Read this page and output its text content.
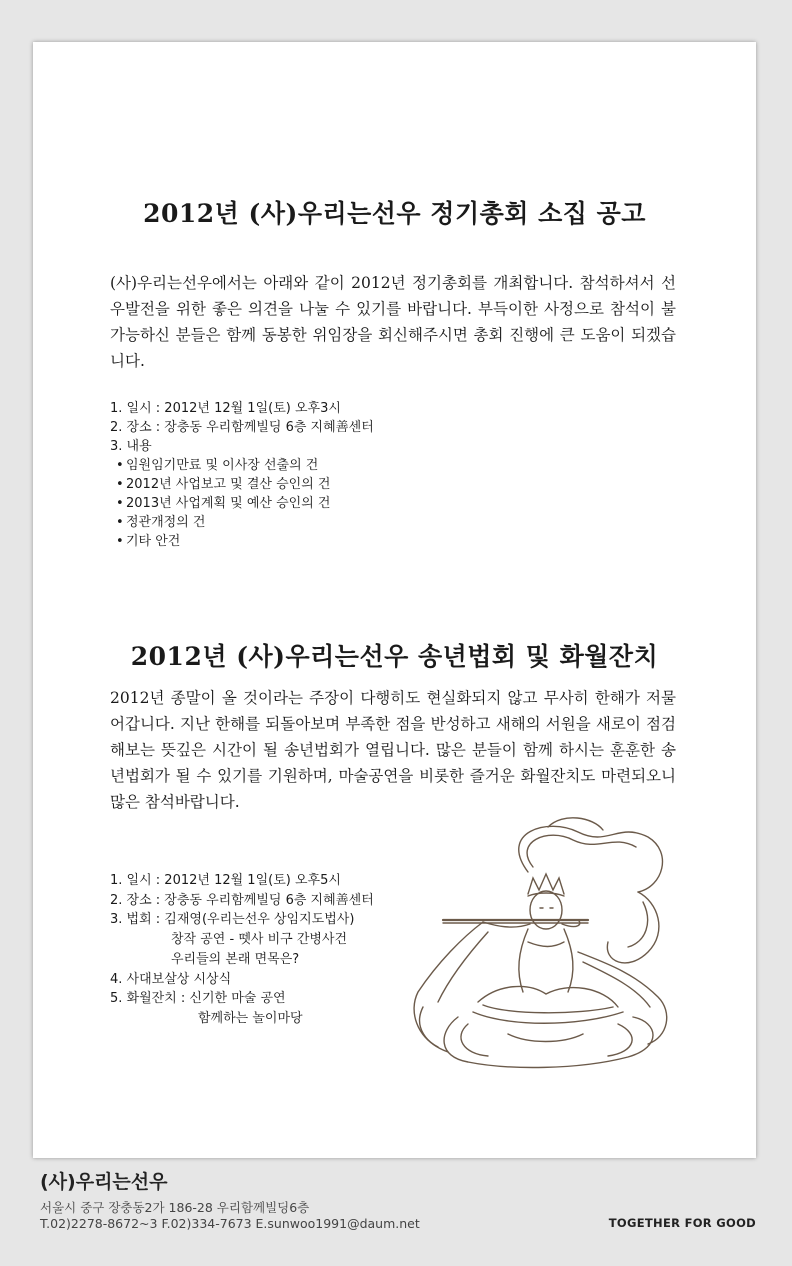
2012년 (사)우리는선우 정기총회 소집 공고

(사)우리는선우에서는 아래와 같이 2012년 정기총회를 개최합니다. 참석하셔서 선우발전을 위한 좋은 의견을 나눌 수 있기를 바랍니다. 부득이한 사정으로 참석이 불가능하신 분들은 함께 동봉한 위임장을 회신해주시면 총회 진행에 큰 도움이 되겠습니다.

1. 일시 : 2012년 12월 1일(토) 오후3시
2. 장소 : 장충동 우리함께빌딩 6층 지혜善센터
3. 내용
• 임원임기만료 및 이사장 선출의 건
• 2012년 사업보고 및 결산 승인의 건
• 2013년 사업계획 및 예산 승인의 건
• 정관개정의 건
• 기타 안건
2012년 (사)우리는선우 송년법회 및 화월잔치

2012년 종말이 올 것이라는 주장이 다행히도 현실화되지 않고 무사히 한해가 저물어갑니다. 지난 한해를 되돌아보며 부족한 점을 반성하고 새해의 서원을 새로이 점검해보는 뜻깊은 시간이 될 송년법회가 열립니다. 많은 분들이 함께 하시는 훈훈한 송년법회가 될 수 있기를 기원하며, 마술공연을 비롯한 즐거운 화월잔치도 마련되오니 많은 참석바랍니다.

1. 일시 : 2012년 12월 1일(토) 오후5시
2. 장소 : 장충동 우리함께빌딩 6층 지혜善센터
3. 법회 : 김재영(우리는선우 상임지도법사)
창작 공연 - 뗏사 비구 간병사건
우리들의 본래 면목은?
4. 사대보살상 시상식
5. 화월잔치 : 신기한 마술 공연
함께하는 놀이마당
(사)우리는선우
서울시 중구 장충동2가 186-28 우리함께빌딩6층
T.02)2278-8672~3 F.02)334-7673 E.sunwoo1991@daum.net	TOGETHER FOR GOOD
